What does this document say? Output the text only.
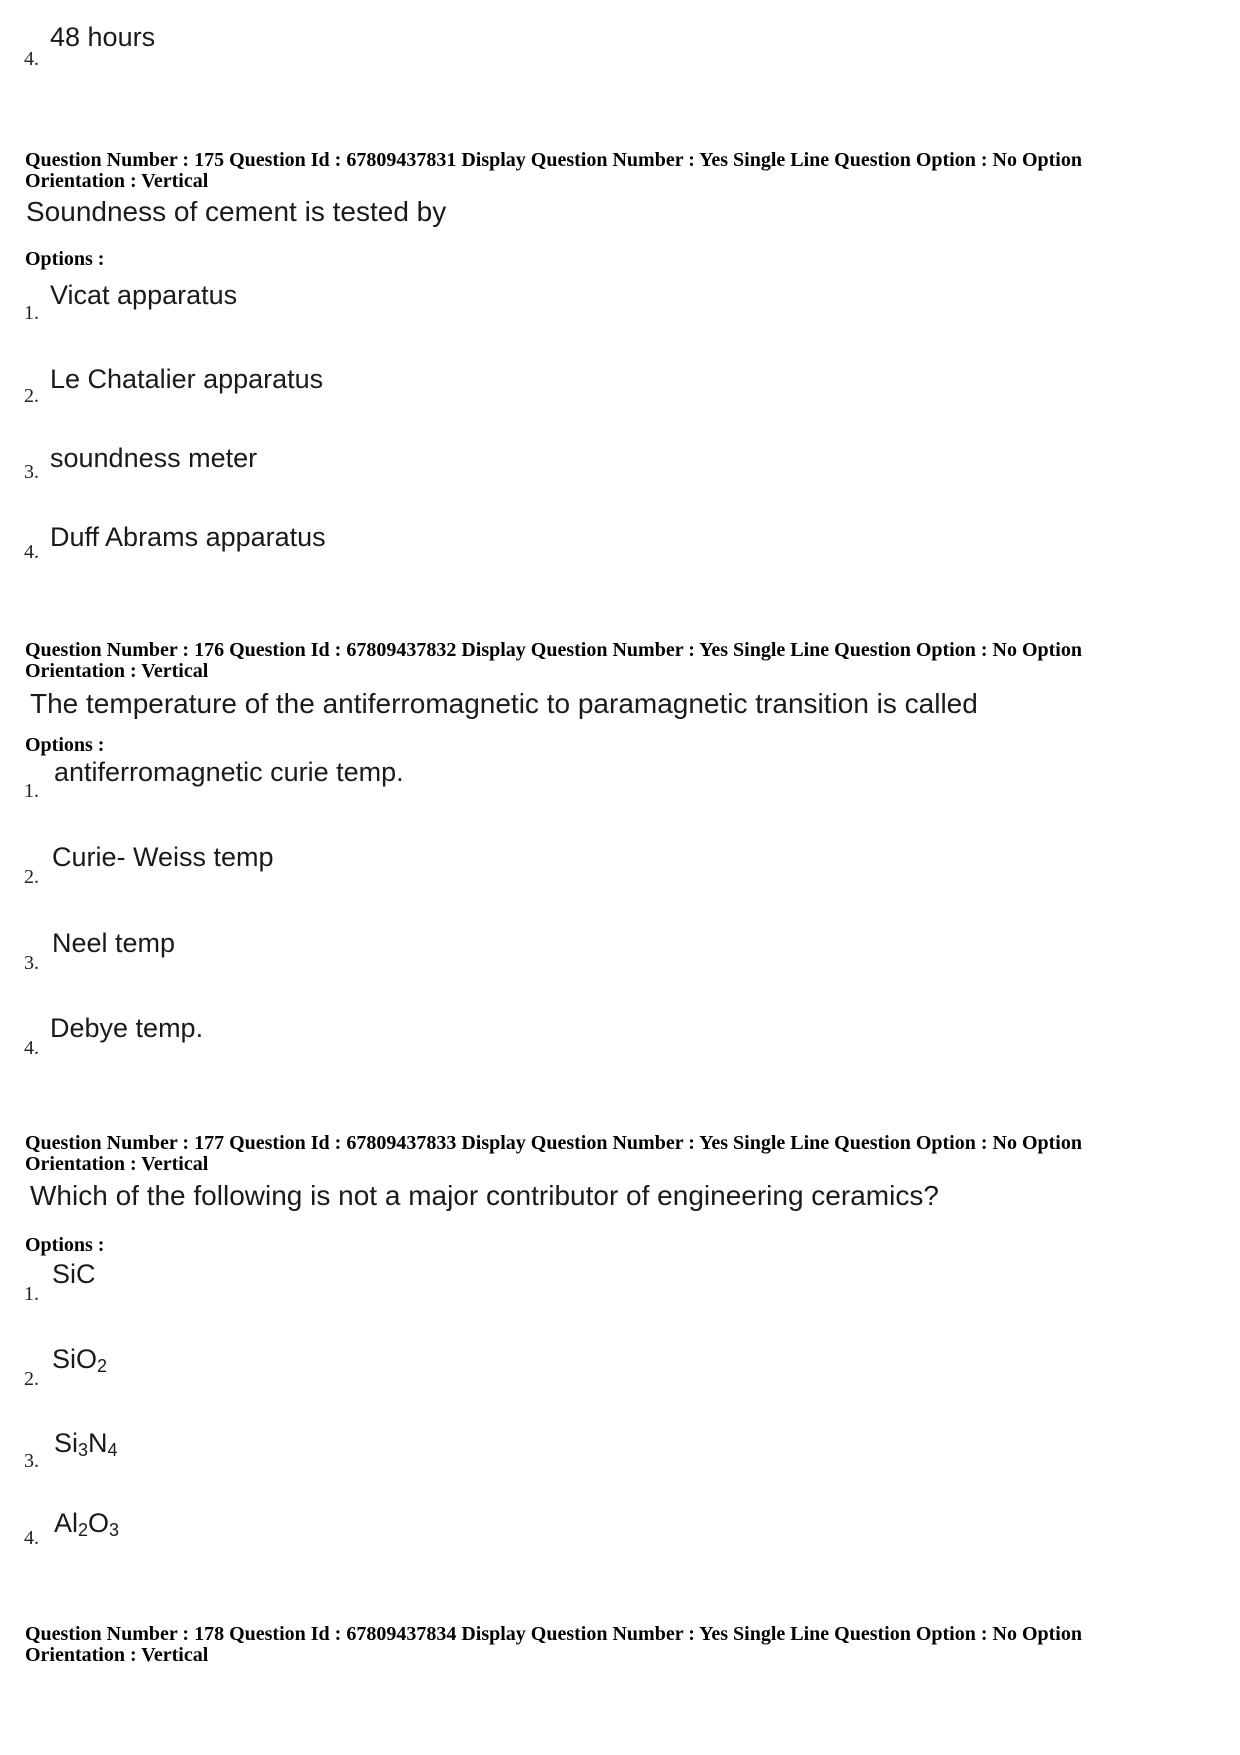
4.
48 hours
Question Number : 175 Question Id : 67809437831 Display Question Number : Yes Single Line Question Option : No Option
Orientation : Vertical
Soundness of cement is tested by
Options :
1.
Vicat apparatus
2.
Le Chatalier apparatus
3. soundness meter
4. Duff Abrams apparatus
Question Number : 176 Question Id : 67809437832 Display Question Number : Yes Single Line Question Option : No Option
Orientation : Vertical
The temperature of the antiferromagnetic to paramagnetic transition is called
Options :
1.
antiferromagnetic curie temp.
2.
Curie- Weiss temp
3.
Neel temp
4.
Debye temp.
Question Number : 177 Question Id : 67809437833 Display Question Number : Yes Single Line Question Option : No Option
Orientation : Vertical
Which of the following is not a major contributor of engineering ceramics?
Options :
1.
SiC
2.
SiO$_2$
3.
$Si_3N_4$
4. $Al_2O_3$
Question Number : 178 Question Id : 67809437834 Display Question Number : Yes Single Line Question Option : No Option
Orientation : Vertical
